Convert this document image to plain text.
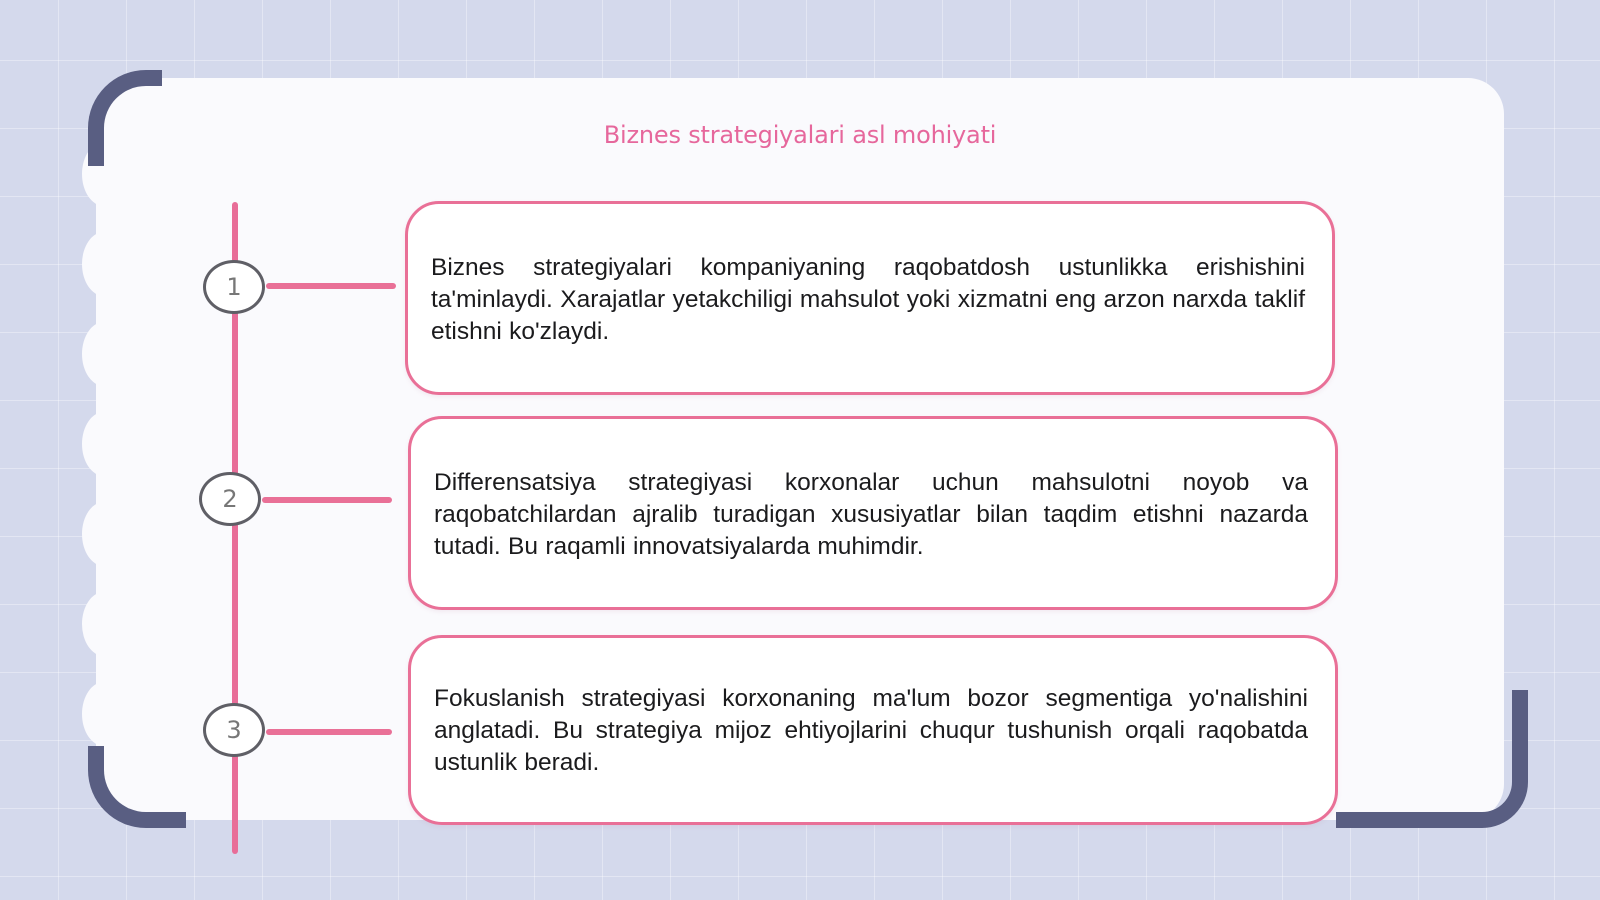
Biznes strategiyalari asl mohiyati
1
Biznes strategiyalari kompaniyaning raqobatdosh ustunlikka erishishini ta'minlaydi. Xarajatlar yetakchiligi mahsulot yoki xizmatni eng arzon narxda taklif etishni ko'zlaydi.
2
Differensatsiya strategiyasi korxonalar uchun mahsulotni noyob va raqobatchilardan ajralib turadigan xususiyatlar bilan taqdim etishni nazarda tutadi. Bu raqamli innovatsiyalarda muhimdir.
3
Fokuslanish strategiyasi korxonaning ma'lum bozor segmentiga yo'nalishini anglatadi. Bu strategiya mijoz ehtiyojlarini chuqur tushunish orqali raqobatda ustunlik beradi.
